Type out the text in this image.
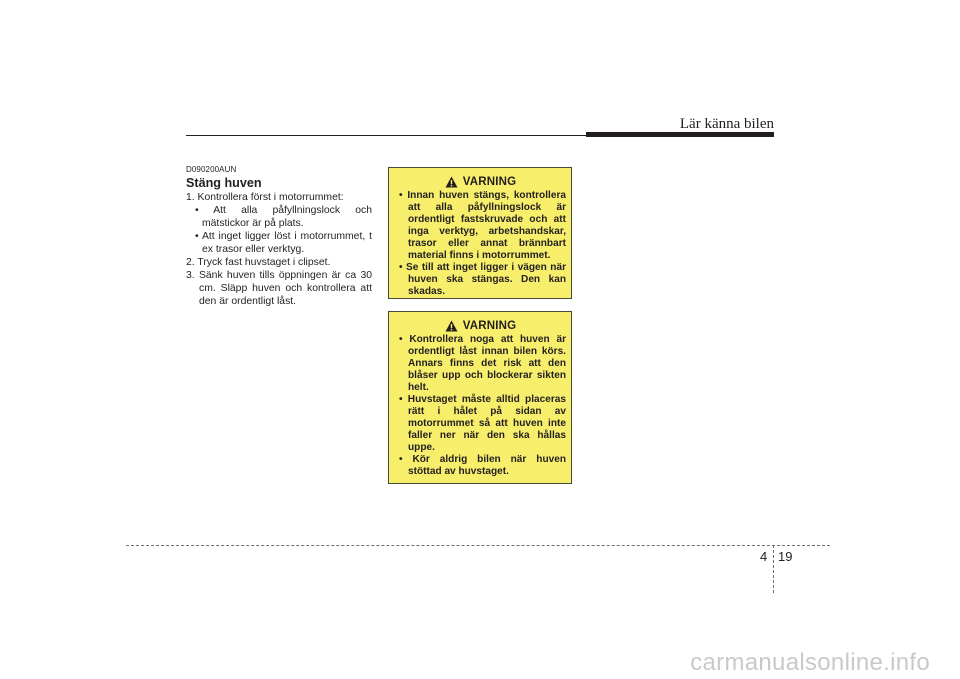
Lär känna bilen
D090200AUN
Stäng huven
1. Kontrollera först i motorrummet:
• Att alla påfyllningslock och mätstickor är på plats.
• Att inget ligger löst i motorrummet, t ex trasor eller verktyg.
2. Tryck fast huvstaget i clipset.
3. Sänk huven tills öppningen är ca 30 cm. Släpp huven och kontrollera att den är ordentligt låst.
VARNING
• Innan huven stängs, kontrollera att alla påfyllningslock är ordentligt fastskruvade och att inga verktyg, arbetshandskar, trasor eller annat brännbart material finns i motorrummet.
• Se till att inget ligger i vägen när huven ska stängas. Den kan skadas.
VARNING
• Kontrollera noga att huven är ordentligt låst innan bilen körs. Annars finns det risk att den blåser upp och blockerar sikten helt.
• Huvstaget måste alltid placeras rätt i hålet på sidan av motorrummet så att huven inte faller ner när den ska hållas uppe.
• Kör aldrig bilen när huven stöttad av huvstaget.
4 19
carmanualsonline.info
